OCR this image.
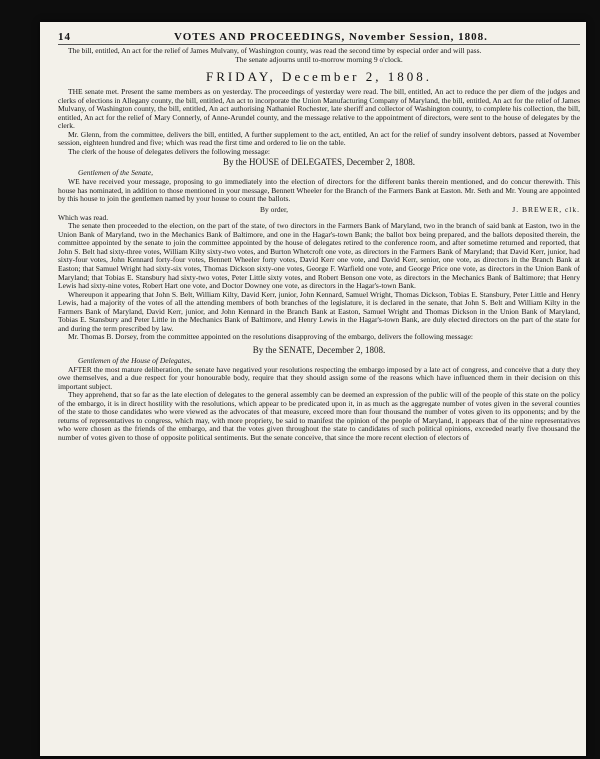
14	VOTES AND PROCEEDINGS, November Session, 1808.

The bill, entitled, An act for the relief of James Mulvany, of Washington county, was read the second time by especial order and will pass.

The senate adjourns until to-morrow morning 9 o'clock.

FRIDAY, December 2, 1808.

THE senate met. Present the same members as on yesterday. The proceedings of yesterday were read. The bill, entitled, An act to reduce the per diem of the judges and clerks of elections in Allegany county, the bill, entitled, An act to incorporate the Union Manufacturing Company of Maryland, the bill, entitled, An act for the relief of James Mulvany, of Washington county, the bill, entitled, An act authorising Nathaniel Rochester, late sheriff and collector of Washington county, to complete his collection, the bill, entitled, An act for the relief of Mary Connerly, of Anne-Arundel county, and the message relative to the appointment of directors, were sent to the house of delegates by the clerk.

Mr. Glenn, from the committee, delivers the bill, entitled, A further supplement to the act, entitled, An act for the relief of sundry insolvent debtors, passed at November session, eighteen hundred and five; which was read the first time and ordered to lie on the table.

The clerk of the house of delegates delivers the following message:

By the HOUSE of DELEGATES, December 2, 1808.
Gentlemen of the Senate,

WE have received your message, proposing to go immediately into the election of directors for the different banks therein mentioned, and do concur therewith. This house has nominated, in addition to those mentioned in your message, Bennett Wheeler for the Branch of the Farmers Bank at Easton. Mr. Seth and Mr. Young are appointed by this house to join the gentlemen named by your house to count the ballots.

By order,	J. BREWER, clk.

Which was read.

The senate then proceeded to the election, on the part of the state, of two directors in the Farmers Bank of Maryland, two in the branch of said bank at Easton, two in the Union Bank of Maryland, two in the Mechanics Bank of Baltimore, and one in the Hagar's-town Bank; the ballot box being prepared, and the ballots deposited therein, the committee appointed by the senate to join the committee appointed by the house of delegates retired to the conference room, and after sometime returned and reported, that John S. Belt had sixty-three votes, William Kilty sixty-two votes, and Burton Whetcroft one vote, as directors in the Farmers Bank of Maryland; that David Kerr, junior, had sixty-four votes, John Kennard forty-four votes, Bennett Wheeler forty votes, David Kerr one vote, and David Kerr, senior, one vote, as directors in the Branch Bank at Easton; that Samuel Wright had sixty-six votes, Thomas Dickson sixty-one votes, George F. Warfield one vote, and George Price one vote, as directors in the Union Bank of Maryland; that Tobias E. Stansbury had sixty-two votes, Peter Little sixty votes, and Robert Benson one vote, as directors in the Mechanics Bank of Baltimore; that Henry Lewis had sixty-nine votes, Robert Hart one vote, and Doctor Downey one vote, as directors in the Hagar's-town Bank.

Whereupon it appearing that John S. Belt, William Kilty, David Kerr, junior, John Kennard, Samuel Wright, Thomas Dickson, Tobias E. Stansbury, Peter Little and Henry Lewis, had a majority of the votes of all the attending members of both branches of the legislature, it is declared in the senate, that John S. Belt and William Kilty in the Farmers Bank of Maryland, David Kerr, junior, and John Kennard in the Branch Bank at Easton, Samuel Wright and Thomas Dickson in the Union Bank of Maryland, Tobias E. Stansbury and Peter Little in the Mechanics Bank of Baltimore, and Henry Lewis in the Hagar's-town Bank, are duly elected directors on the part of the state for and during the term prescribed by law.

Mr. Thomas B. Dorsey, from the committee appointed on the resolutions disapproving of the embargo, delivers the following message:

By the SENATE, December 2, 1808.
Gentlemen of the House of Delegates,

AFTER the most mature deliberation, the senate have negatived your resolutions respecting the embargo imposed by a late act of congress, and conceive that a duty they owe themselves, and a due respect for your honourable body, require that they should assign some of the reasons which have influenced them in their decision on this important subject.

They apprehend, that so far as the late election of delegates to the general assembly can be deemed an expression of the public will of the people of this state on the policy of the embargo, it is in direct hostility with the resolutions, which appear to be predicated upon it, in as much as the aggregate number of votes given in the several counties of the state to those candidates who were viewed as the advocates of that measure, exceed more than four thousand the number of votes given to its opponents; and by the returns of representatives to congress, which may, with more propriety, be said to manifest the opinion of the people of Maryland, it appears that of the nine representatives who were chosen as the friends of the embargo, and that the votes given throughout the state to candidates of such political opinions, exceeded nearly five thousand the number of votes given to those of opposite political sentiments. But the senate conceive, that since the more recent election of electors of
